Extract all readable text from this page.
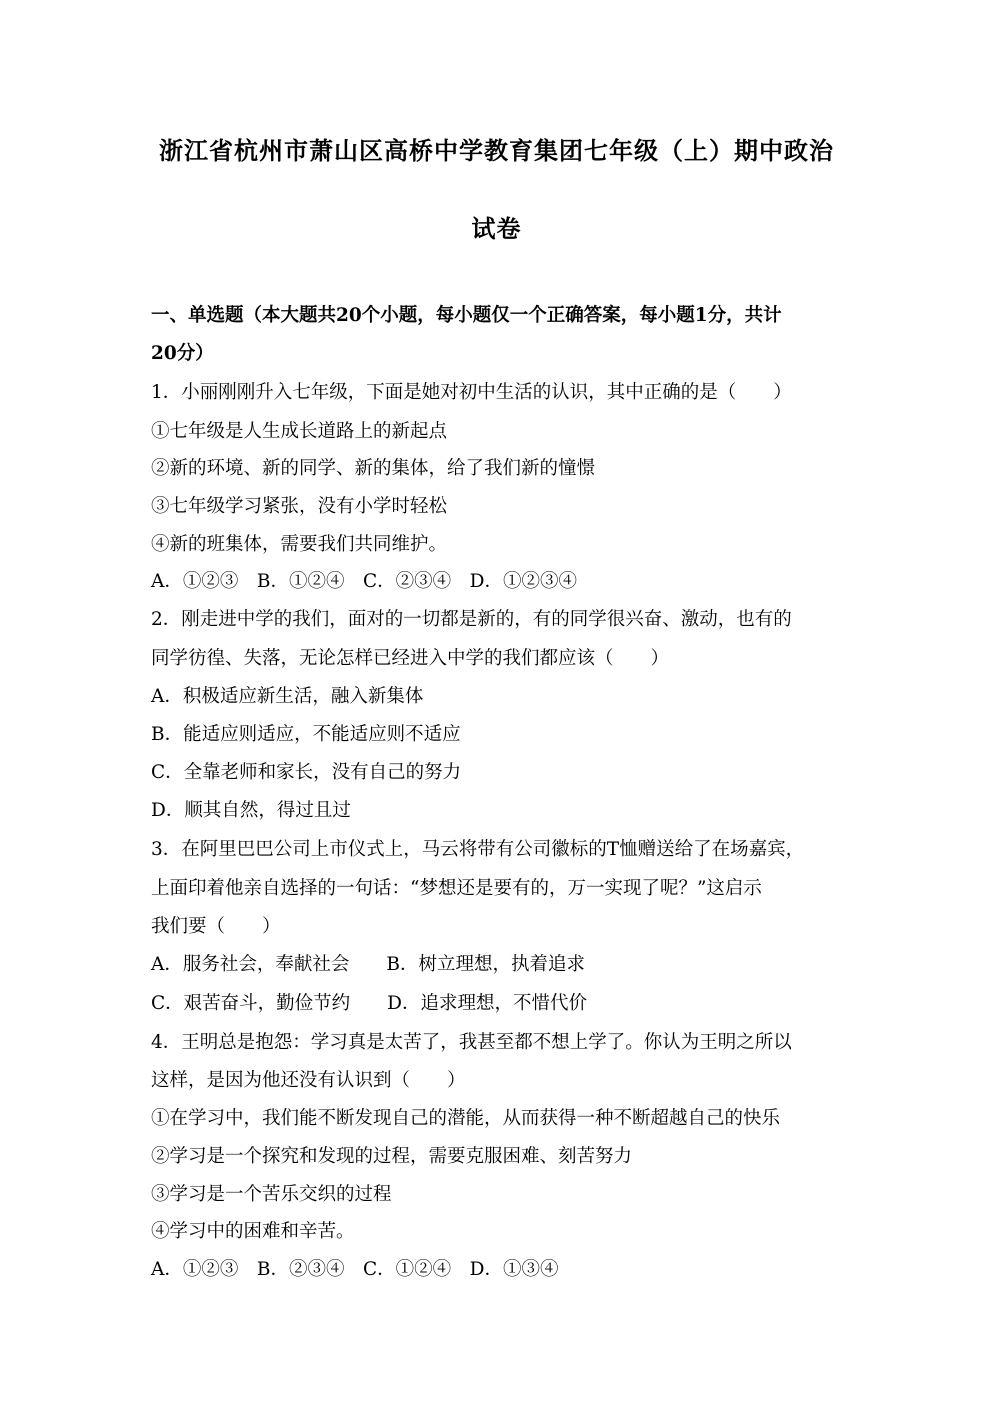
浙江省杭州市萧山区高桥中学教育集团七年级（上）期中政治
试卷
一、单选题（本大题共20个小题，每小题仅一个正确答案，每小题1分，共计
20分）
1．小丽刚刚升入七年级，下面是她对初中生活的认识，其中正确的是（　　）
①七年级是人生成长道路上的新起点
②新的环境、新的同学、新的集体，给了我们新的憧憬
③七年级学习紧张，没有小学时轻松
④新的班集体，需要我们共同维护。
A．①②③　B．①②④　C．②③④　D．①②③④
2．刚走进中学的我们，面对的一切都是新的，有的同学很兴奋、激动，也有的
同学彷徨、失落，无论怎样已经进入中学的我们都应该（　　）
A．积极适应新生活，融入新集体
B．能适应则适应，不能适应则不适应
C．全靠老师和家长，没有自己的努力
D．顺其自然，得过且过
3．在阿里巴巴公司上市仪式上，马云将带有公司徽标的T恤赠送给了在场嘉宾，
上面印着他亲自选择的一句话：“梦想还是要有的，万一实现了呢？”这启示
我们要（　　）
A．服务社会，奉献社会　　B．树立理想，执着追求
C．艰苦奋斗，勤俭节约　　D．追求理想，不惜代价
4．王明总是抱怨：学习真是太苦了，我甚至都不想上学了。你认为王明之所以
这样，是因为他还没有认识到（　　）
①在学习中，我们能不断发现自己的潜能，从而获得一种不断超越自己的快乐
②学习是一个探究和发现的过程，需要克服困难、刻苦努力
③学习是一个苦乐交织的过程
④学习中的困难和辛苦。
A．①②③　B．②③④　C．①②④　D．①③④
